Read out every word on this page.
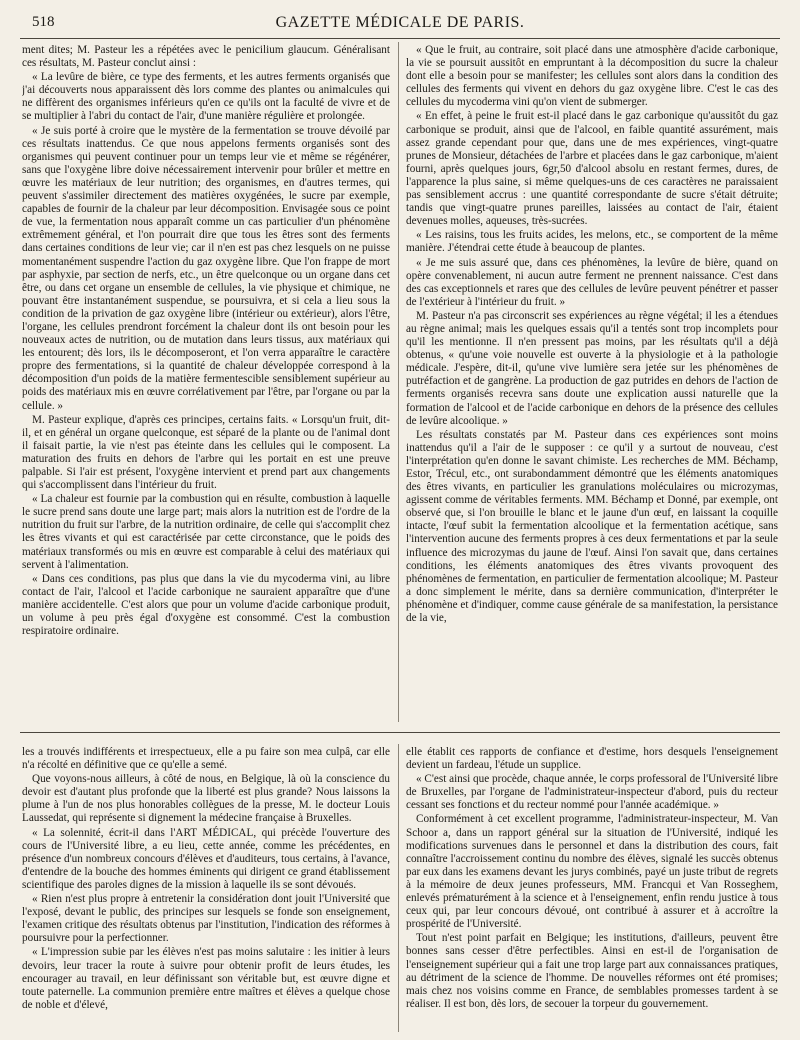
518	GAZETTE MÉDICALE DE PARIS.

ment dites; M. Pasteur les a répétées avec le penicilium glaucum. Généralisant ces résultats, M. Pasteur conclut ainsi :

« La levûre de bière, ce type des ferments, et les autres ferments organisés que j'ai découverts nous apparaissent dès lors comme des plantes ou animalcules qui ne diffèrent des organismes inférieurs qu'en ce qu'ils ont la faculté de vivre et de se multiplier à l'abri du contact de l'air, d'une manière régulière et prolongée.

« Je suis porté à croire que le mystère de la fermentation se trouve dévoilé par ces résultats inattendus. Ce que nous appelons ferments organisés sont des organismes qui peuvent continuer pour un temps leur vie et même se régénérer, sans que l'oxygène libre doive nécessairement intervenir pour brûler et mettre en œuvre les matériaux de leur nutrition; des organismes, en d'autres termes, qui peuvent s'assimiler directement des matières oxygénées, le sucre par exemple, capables de fournir de la chaleur par leur décomposition. Envisagée sous ce point de vue, la fermentation nous apparaît comme un cas particulier d'un phénomène extrêmement général, et l'on pourrait dire que tous les êtres sont des ferments dans certaines conditions de leur vie; car il n'en est pas chez lesquels on ne puisse momentanément suspendre l'action du gaz oxygène libre. Que l'on frappe de mort par asphyxie, par section de nerfs, etc., un être quelconque ou un organe dans cet être, ou dans cet organe un ensemble de cellules, la vie physique et chimique, ne pouvant être instantanément suspendue, se poursuivra, et si cela a lieu sous la condition de la privation de gaz oxygène libre (intérieur ou extérieur), alors l'être, l'organe, les cellules prendront forcément la chaleur dont ils ont besoin pour les nouveaux actes de nutrition, ou de mutation dans leurs tissus, aux matériaux qui les entourent; dès lors, ils le décomposeront, et l'on verra apparaître le caractère propre des fermentations, si la quantité de chaleur développée correspond à la décomposition d'un poids de la matière fermentescible sensiblement supérieur au poids des matériaux mis en œuvre corrélativement par l'être, par l'organe ou par la cellule. »

M. Pasteur explique, d'après ces principes, certains faits. « Lorsqu'un fruit, dit-il, et en général un organe quelconque, est séparé de la plante ou de l'animal dont il faisait partie, la vie n'est pas éteinte dans les cellules qui le composent. La maturation des fruits en dehors de l'arbre qui les portait en est une preuve palpable. Si l'air est présent, l'oxygène intervient et prend part aux changements qui s'accomplissent dans l'intérieur du fruit.

« La chaleur est fournie par la combustion qui en résulte, combustion à laquelle le sucre prend sans doute une large part; mais alors la nutrition est de l'ordre de la nutrition du fruit sur l'arbre, de la nutrition ordinaire, de celle qui s'accomplit chez les êtres vivants et qui est caractérisée par cette circonstance, que le poids des matériaux transformés ou mis en œuvre est comparable à celui des matériaux qui servent à l'alimentation.

« Dans ces conditions, pas plus que dans la vie du mycoderma vini, au libre contact de l'air, l'alcool et l'acide carbonique ne sauraient apparaître que d'une manière accidentelle. C'est alors que pour un volume d'acide carbonique produit, un volume à peu près égal d'oxygène est consommé. C'est la combustion respiratoire ordinaire.

« Que le fruit, au contraire, soit placé dans une atmosphère d'acide carbonique, la vie se poursuit aussitôt en empruntant à la décomposition du sucre la chaleur dont elle a besoin pour se manifester; les cellules sont alors dans la condition des cellules des ferments qui vivent en dehors du gaz oxygène libre. C'est le cas des cellules du mycoderma vini qu'on vient de submerger.

« En effet, à peine le fruit est-il placé dans le gaz carbonique qu'aussitôt du gaz carbonique se produit, ainsi que de l'alcool, en faible quantité assurément, mais assez grande cependant pour que, dans une de mes expériences, vingt-quatre prunes de Monsieur, détachées de l'arbre et placées dans le gaz carbonique, m'aient fourni, après quelques jours, 6gr,50 d'alcool absolu en restant fermes, dures, de l'apparence la plus saine, si même quelques-uns de ces caractères ne paraissaient pas sensiblement accrus : une quantité correspondante de sucre s'était détruite; tandis que vingt-quatre prunes pareilles, laissées au contact de l'air, étaient devenues molles, aqueuses, très-sucrées.

« Les raisins, tous les fruits acides, les melons, etc., se comportent de la même manière. J'étendrai cette étude à beaucoup de plantes.

« Je me suis assuré que, dans ces phénomènes, la levûre de bière, quand on opère convenablement, ni aucun autre ferment ne prennent naissance. C'est dans des cas exceptionnels et rares que des cellules de levûre peuvent pénétrer et passer de l'extérieur à l'intérieur du fruit. »

M. Pasteur n'a pas circonscrit ses expériences au règne végétal; il les a étendues au règne animal; mais les quelques essais qu'il a tentés sont trop incomplets pour qu'il les mentionne. Il n'en pressent pas moins, par les résultats qu'il a déjà obtenus, « qu'une voie nouvelle est ouverte à la physiologie et à la pathologie médicale. J'espère, dit-il, qu'une vive lumière sera jetée sur les phénomènes de putréfaction et de gangrène. La production de gaz putrides en dehors de l'action de ferments organisés recevra sans doute une explication aussi naturelle que la formation de l'alcool et de l'acide carbonique en dehors de la présence des cellules de levûre alcoolique. »

Les résultats constatés par M. Pasteur dans ces expériences sont moins inattendus qu'il a l'air de le supposer : ce qu'il y a surtout de nouveau, c'est l'interprétation qu'en donne le savant chimiste. Les recherches de MM. Béchamp, Estor, Trécul, etc., ont surabondamment démontré que les éléments anatomiques des êtres vivants, en particulier les granulations moléculaires ou microzymas, agissent comme de véritables ferments. MM. Béchamp et Donné, par exemple, ont observé que, si l'on brouille le blanc et le jaune d'un œuf, en laissant la coquille intacte, l'œuf subit la fermentation alcoolique et la fermentation acétique, sans l'intervention aucune des ferments propres à ces deux fermentations et par la seule influence des microzymas du jaune de l'œuf. Ainsi l'on savait que, dans certaines conditions, les éléments anatomiques des êtres vivants provoquent des phénomènes de fermentation, en particulier de fermentation alcoolique; M. Pasteur a donc simplement le mérite, dans sa dernière communication, d'interpréter le phénomène et d'indiquer, comme cause générale de sa manifestation, la persistance de la vie,

les a trouvés indifférents et irrespectueux, elle a pu faire son mea culpâ, car elle n'a récolté en définitive que ce qu'elle a semé.

Que voyons-nous ailleurs, à côté de nous, en Belgique, là où la conscience du devoir est d'autant plus profonde que la liberté est plus grande? Nous laissons la plume à l'un de nos plus honorables collègues de la presse, M. le docteur Louis Laussedat, qui représente si dignement la médecine française à Bruxelles.

« La solennité, écrit-il dans l'ART MÉDICAL, qui précède l'ouverture des cours de l'Université libre, a eu lieu, cette année, comme les précédentes, en présence d'un nombreux concours d'élèves et d'auditeurs, tous certains, à l'avance, d'entendre de la bouche des hommes éminents qui dirigent ce grand établissement scientifique des paroles dignes de la mission à laquelle ils se sont dévoués.

« Rien n'est plus propre à entretenir la considération dont jouit l'Université que l'exposé, devant le public, des principes sur lesquels se fonde son enseignement, l'examen critique des résultats obtenus par l'institution, l'indication des réformes à poursuivre pour la perfectionner.

« L'impression subie par les élèves n'est pas moins salutaire : les initier à leurs devoirs, leur tracer la route à suivre pour obtenir profit de leurs études, les encourager au travail, en leur définissant son véritable but, est œuvre digne et toute paternelle. La communion première entre maîtres et élèves a quelque chose de noble et d'élevé,

elle établit ces rapports de confiance et d'estime, hors desquels l'enseignement devient un fardeau, l'étude un supplice.

« C'est ainsi que procède, chaque année, le corps professoral de l'Université libre de Bruxelles, par l'organe de l'administrateur-inspecteur d'abord, puis du recteur cessant ses fonctions et du recteur nommé pour l'année académique. »

Conformément à cet excellent programme, l'administrateur-inspecteur, M. Van Schoor a, dans un rapport général sur la situation de l'Université, indiqué les modifications survenues dans le personnel et dans la distribution des cours, fait connaître l'accroissement continu du nombre des élèves, signalé les succès obtenus par eux dans les examens devant les jurys combinés, payé un juste tribut de regrets à la mémoire de deux jeunes professeurs, MM. Francqui et Van Rosseghem, enlevés prématurément à la science et à l'enseignement, enfin rendu justice à tous ceux qui, par leur concours dévoué, ont contribué à assurer et à accroître la prospérité de l'Université.

Tout n'est point parfait en Belgique; les institutions, d'ailleurs, peuvent être bonnes sans cesser d'être perfectibles. Ainsi en est-il de l'organisation de l'enseignement supérieur qui a fait une trop large part aux connaissances pratiques, au détriment de la science de l'homme. De nouvelles réformes ont été promises; mais chez nos voisins comme en France, de semblables promesses tardent à se réaliser. Il est bon, dès lors, de secouer la torpeur du gouvernement.
